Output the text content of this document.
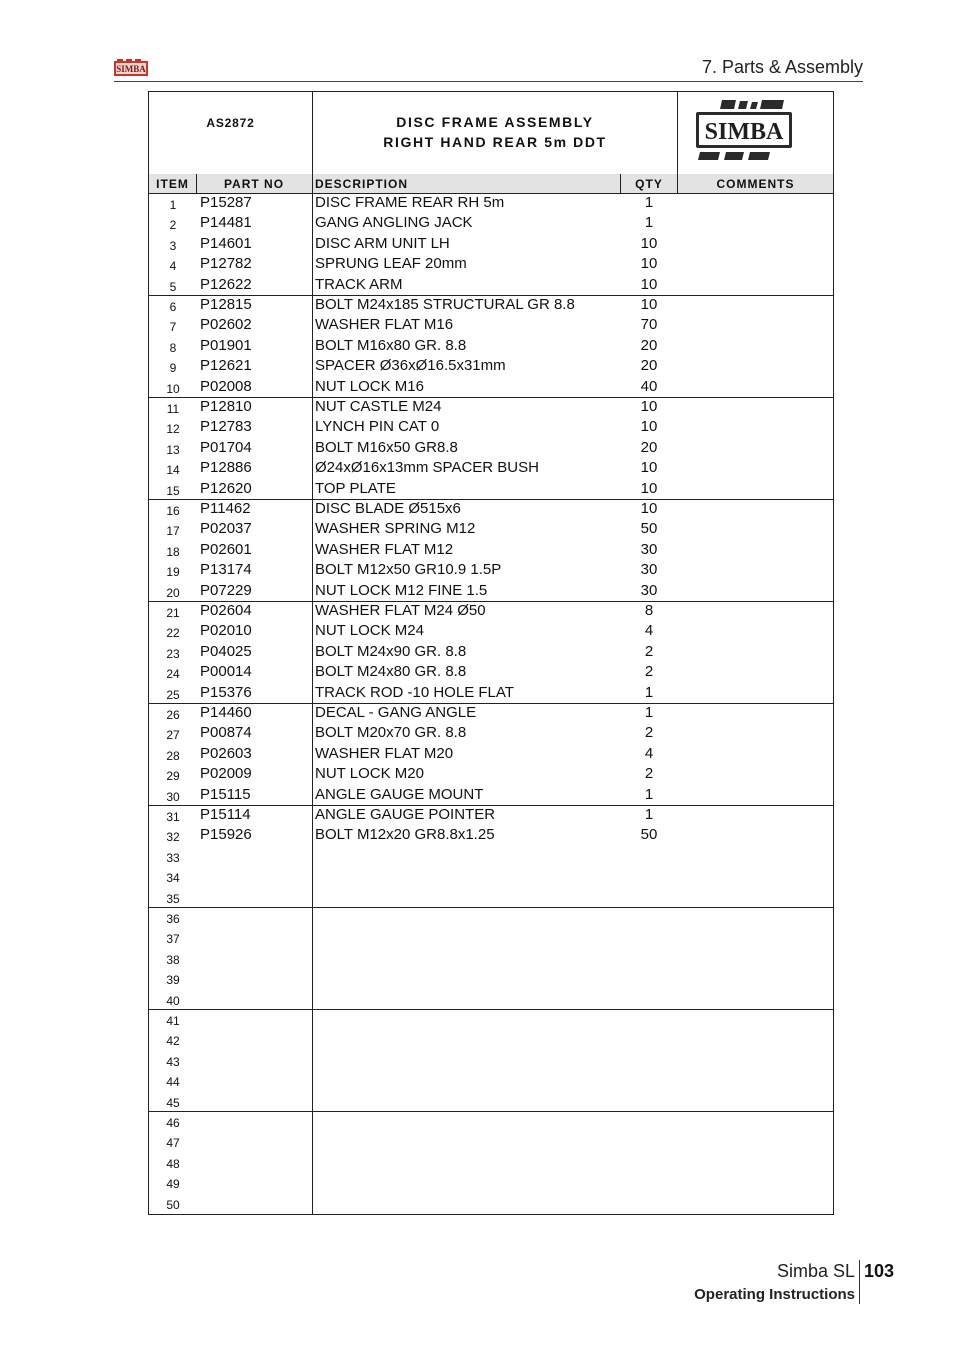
SIMBA	7. Parts & Assembly
AS2872	DISC FRAME ASSEMBLY
RIGHT HAND REAR 5m DDT	SIMBA
ITEM	PART NO	DESCRIPTION	QTY	COMMENTS
1	P15287	DISC FRAME REAR RH 5m	1
2	P14481	GANG ANGLING JACK	1
3	P14601	DISC ARM UNIT LH	10
4	P12782	SPRUNG LEAF 20mm	10
5	P12622	TRACK ARM	10
6	P12815	BOLT M24x185 STRUCTURAL GR 8.8	10
7	P02602	WASHER FLAT M16	70
8	P01901	BOLT M16x80 GR. 8.8	20
9	P12621	SPACER Ø36xØ16.5x31mm	20
10	P02008	NUT LOCK M16	40
11	P12810	NUT CASTLE M24	10
12	P12783	LYNCH PIN CAT 0	10
13	P01704	BOLT M16x50 GR8.8	20
14	P12886	Ø24xØ16x13mm SPACER BUSH	10
15	P12620	TOP PLATE	10
16	P11462	DISC BLADE Ø515x6	10
17	P02037	WASHER SPRING M12	50
18	P02601	WASHER FLAT M12	30
19	P13174	BOLT M12x50 GR10.9 1.5P	30
20	P07229	NUT LOCK M12 FINE 1.5	30
21	P02604	WASHER FLAT M24 Ø50	8
22	P02010	NUT LOCK M24	4
23	P04025	BOLT M24x90 GR. 8.8	2
24	P00014	BOLT M24x80 GR. 8.8	2
25	P15376	TRACK ROD -10 HOLE FLAT	1
26	P14460	DECAL - GANG ANGLE	1
27	P00874	BOLT M20x70 GR. 8.8	2
28	P02603	WASHER FLAT M20	4
29	P02009	NUT LOCK M20	2
30	P15115	ANGLE GAUGE MOUNT	1
31	P15114	ANGLE GAUGE POINTER	1
32	P15926	BOLT M12x20 GR8.8x1.25	50
33
34
35
36
37
38
39
40
41
42
43
44
45
46
47
48
49
50
Simba SL 103
Operating Instructions
